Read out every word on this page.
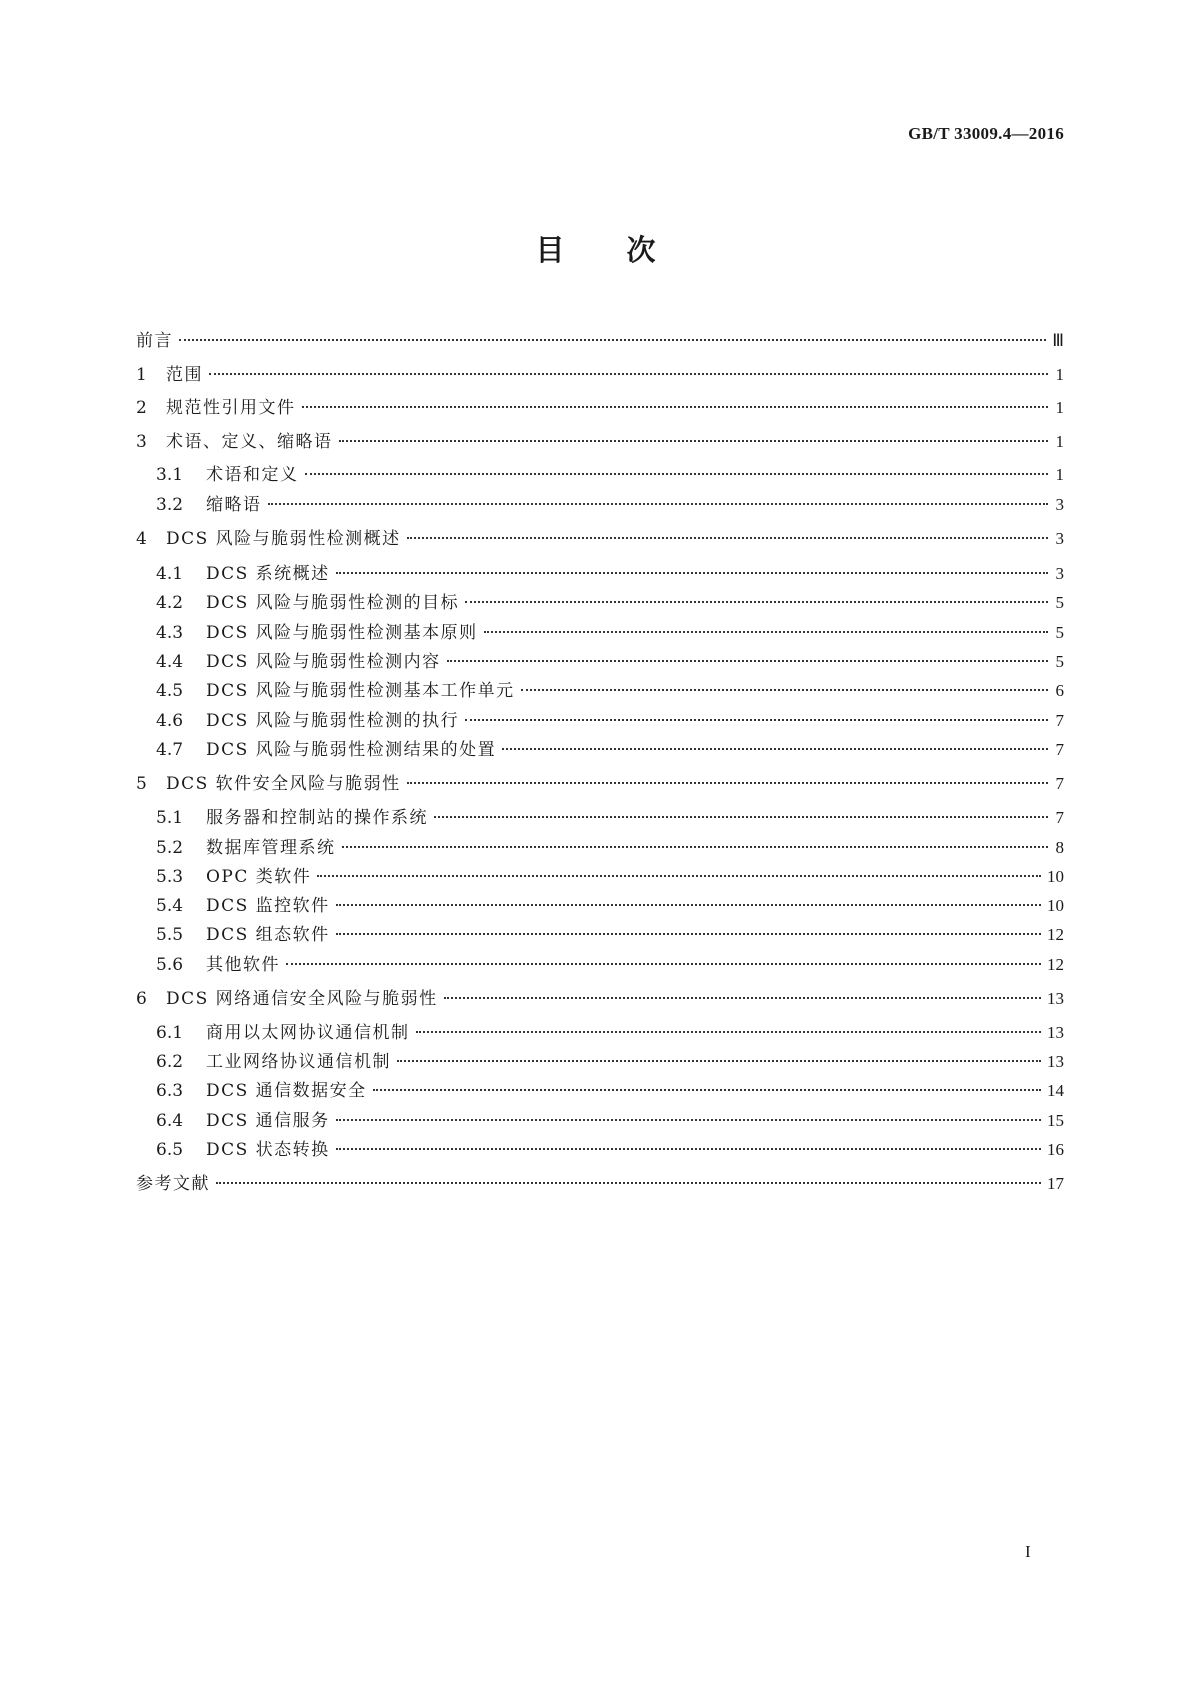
GB/T 33009.4—2016
目次
前言	Ⅲ
1	范围	1
2	规范性引用文件	1
3	术语、定义、缩略语	1
3.1	术语和定义	1
3.2	缩略语	3
4	DCS 风险与脆弱性检测概述	3
4.1	DCS 系统概述	3
4.2	DCS 风险与脆弱性检测的目标	5
4.3	DCS 风险与脆弱性检测基本原则	5
4.4	DCS 风险与脆弱性检测内容	5
4.5	DCS 风险与脆弱性检测基本工作单元	6
4.6	DCS 风险与脆弱性检测的执行	7
4.7	DCS 风险与脆弱性检测结果的处置	7
5	DCS 软件安全风险与脆弱性	7
5.1	服务器和控制站的操作系统	7
5.2	数据库管理系统	8
5.3	OPC 类软件	10
5.4	DCS 监控软件	10
5.5	DCS 组态软件	12
5.6	其他软件	12
6	DCS 网络通信安全风险与脆弱性	13
6.1	商用以太网协议通信机制	13
6.2	工业网络协议通信机制	13
6.3	DCS 通信数据安全	14
6.4	DCS 通信服务	15
6.5	DCS 状态转换	16
参考文献	17
I
